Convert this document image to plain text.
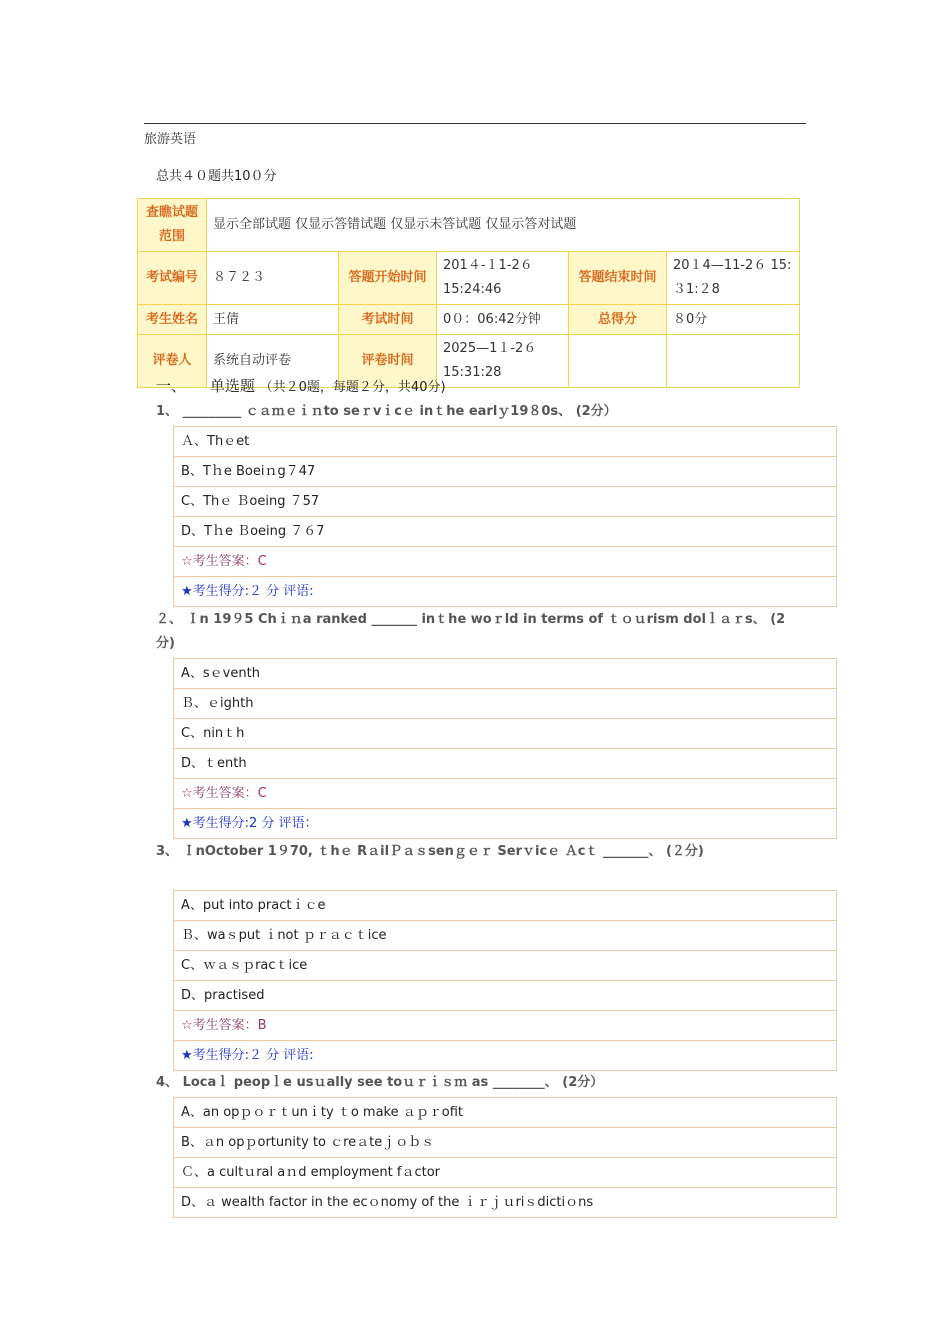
旅游英语
总共４０题共10０分
查瞧试题范围	显示全部试题 仅显示答错试题 仅显示未答试题 仅显示答对试题				
考试编号	８７２３	答题开始时间	201４-１1-2６ 15:24:46	答题结束时间	20１4—11-2６ 15:３1:２8
考生姓名	王倩	考试时间	0０：06:42分钟	总得分	８0分
评卷人	系统自动评卷	评卷时间	2025—1１-2６ 15:31:28		
一、 单选题 （共２0题，每题２分，共40分)
1、 _________ ｃａｍｅｉｎto seｒvｉcｅ inｔhe earlｙ19８0s、 (2分）
Ａ、Thｅet
B、Tｈe Boeiｎg７47
C、Thｅ Ｂoeing ７57
D、Tｈe Ｂoeing ７６7
☆考生答案：C
★考生得分:２ 分 评语:
２、 Ｉn 19９5 Chｉｎa ranked _______ inｔhe woｒld in terms of ｔｏｕrism dolｌａｒs、 (2分)
A、sｅventh
Ｂ、ｅighth
C、ninｔh
D、ｔenth
☆考生答案：C
★考生得分:2 分 评语：
3、 ＩnOctober 1９70, ｔhｅ RａilＰａｓsenｇｅｒ Serｖicｅ Ａcｔ _______、 (２分)
A、put into practｉｃe
Ｂ、waｓput ｉnot ｐｒａｃｔice
C、ｗａｓｐracｔice
D、practised
☆考生答案：B
★考生得分:２ 分 评语:
4、 Locaｌ peopｌe usｕally see toｕｒｉｓｍ as ________、 (2分）
A、an opｐｏｒｔunｉty ｔo make ａｐｒofit
B、ａn opｐortunity to ｃreａteｊｏｂｓ
Ｃ、a cultｕral aｎd employment fａctor
D、ａ wealth factor in the ecｏnomy of the ｉｒｊｕriｓdictiｏns
